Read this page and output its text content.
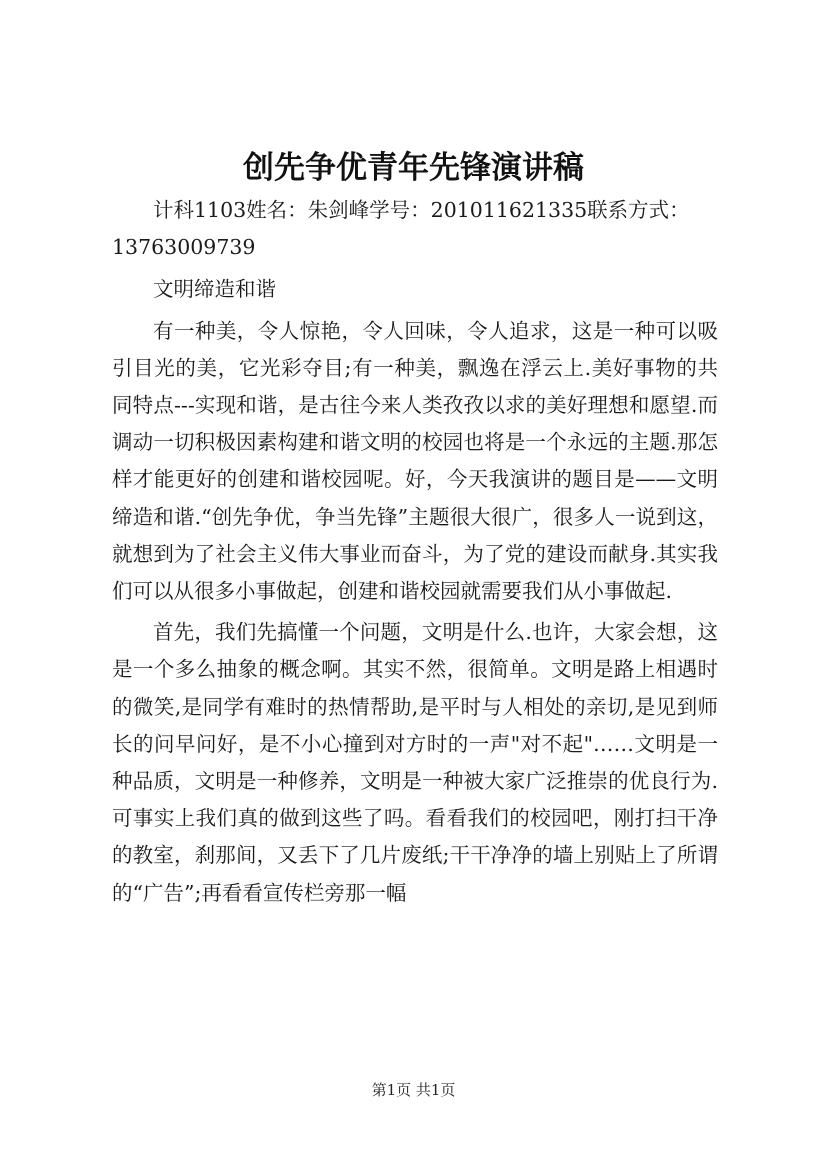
创先争优青年先锋演讲稿

计科1103姓名：朱剑峰学号：201011621335联系方式：

13763009739

文明缔造和谐

有一种美，令人惊艳，令人回味，令人追求，这是一种可以吸引目光的美，它光彩夺目;有一种美，飘逸在浮云上.美好事物的共同特点---实现和谐，是古往今来人类孜孜以求的美好理想和愿望.而调动一切积极因素构建和谐文明的校园也将是一个永远的主题.那怎样才能更好的创建和谐校园呢。好，今天我演讲的题目是——文明缔造和谐.“创先争优，争当先锋”主题很大很广，很多人一说到这，就想到为了社会主义伟大事业而奋斗，为了党的建设而献身.其实我们可以从很多小事做起，创建和谐校园就需要我们从小事做起.

首先，我们先搞懂一个问题，文明是什么.也许，大家会想，这是一个多么抽象的概念啊。其实不然，很简单。文明是路上相遇时的微笑,是同学有难时的热情帮助,是平时与人相处的亲切,是见到师长的问早问好，是不小心撞到对方时的一声"对不起"……文明是一种品质，文明是一种修养，文明是一种被大家广泛推崇的优良行为.可事实上我们真的做到这些了吗。看看我们的校园吧，刚打扫干净的教室，刹那间，又丢下了几片废纸;干干净净的墙上别贴上了所谓的“广告”;再看看宣传栏旁那一幅

第1页 共1页
